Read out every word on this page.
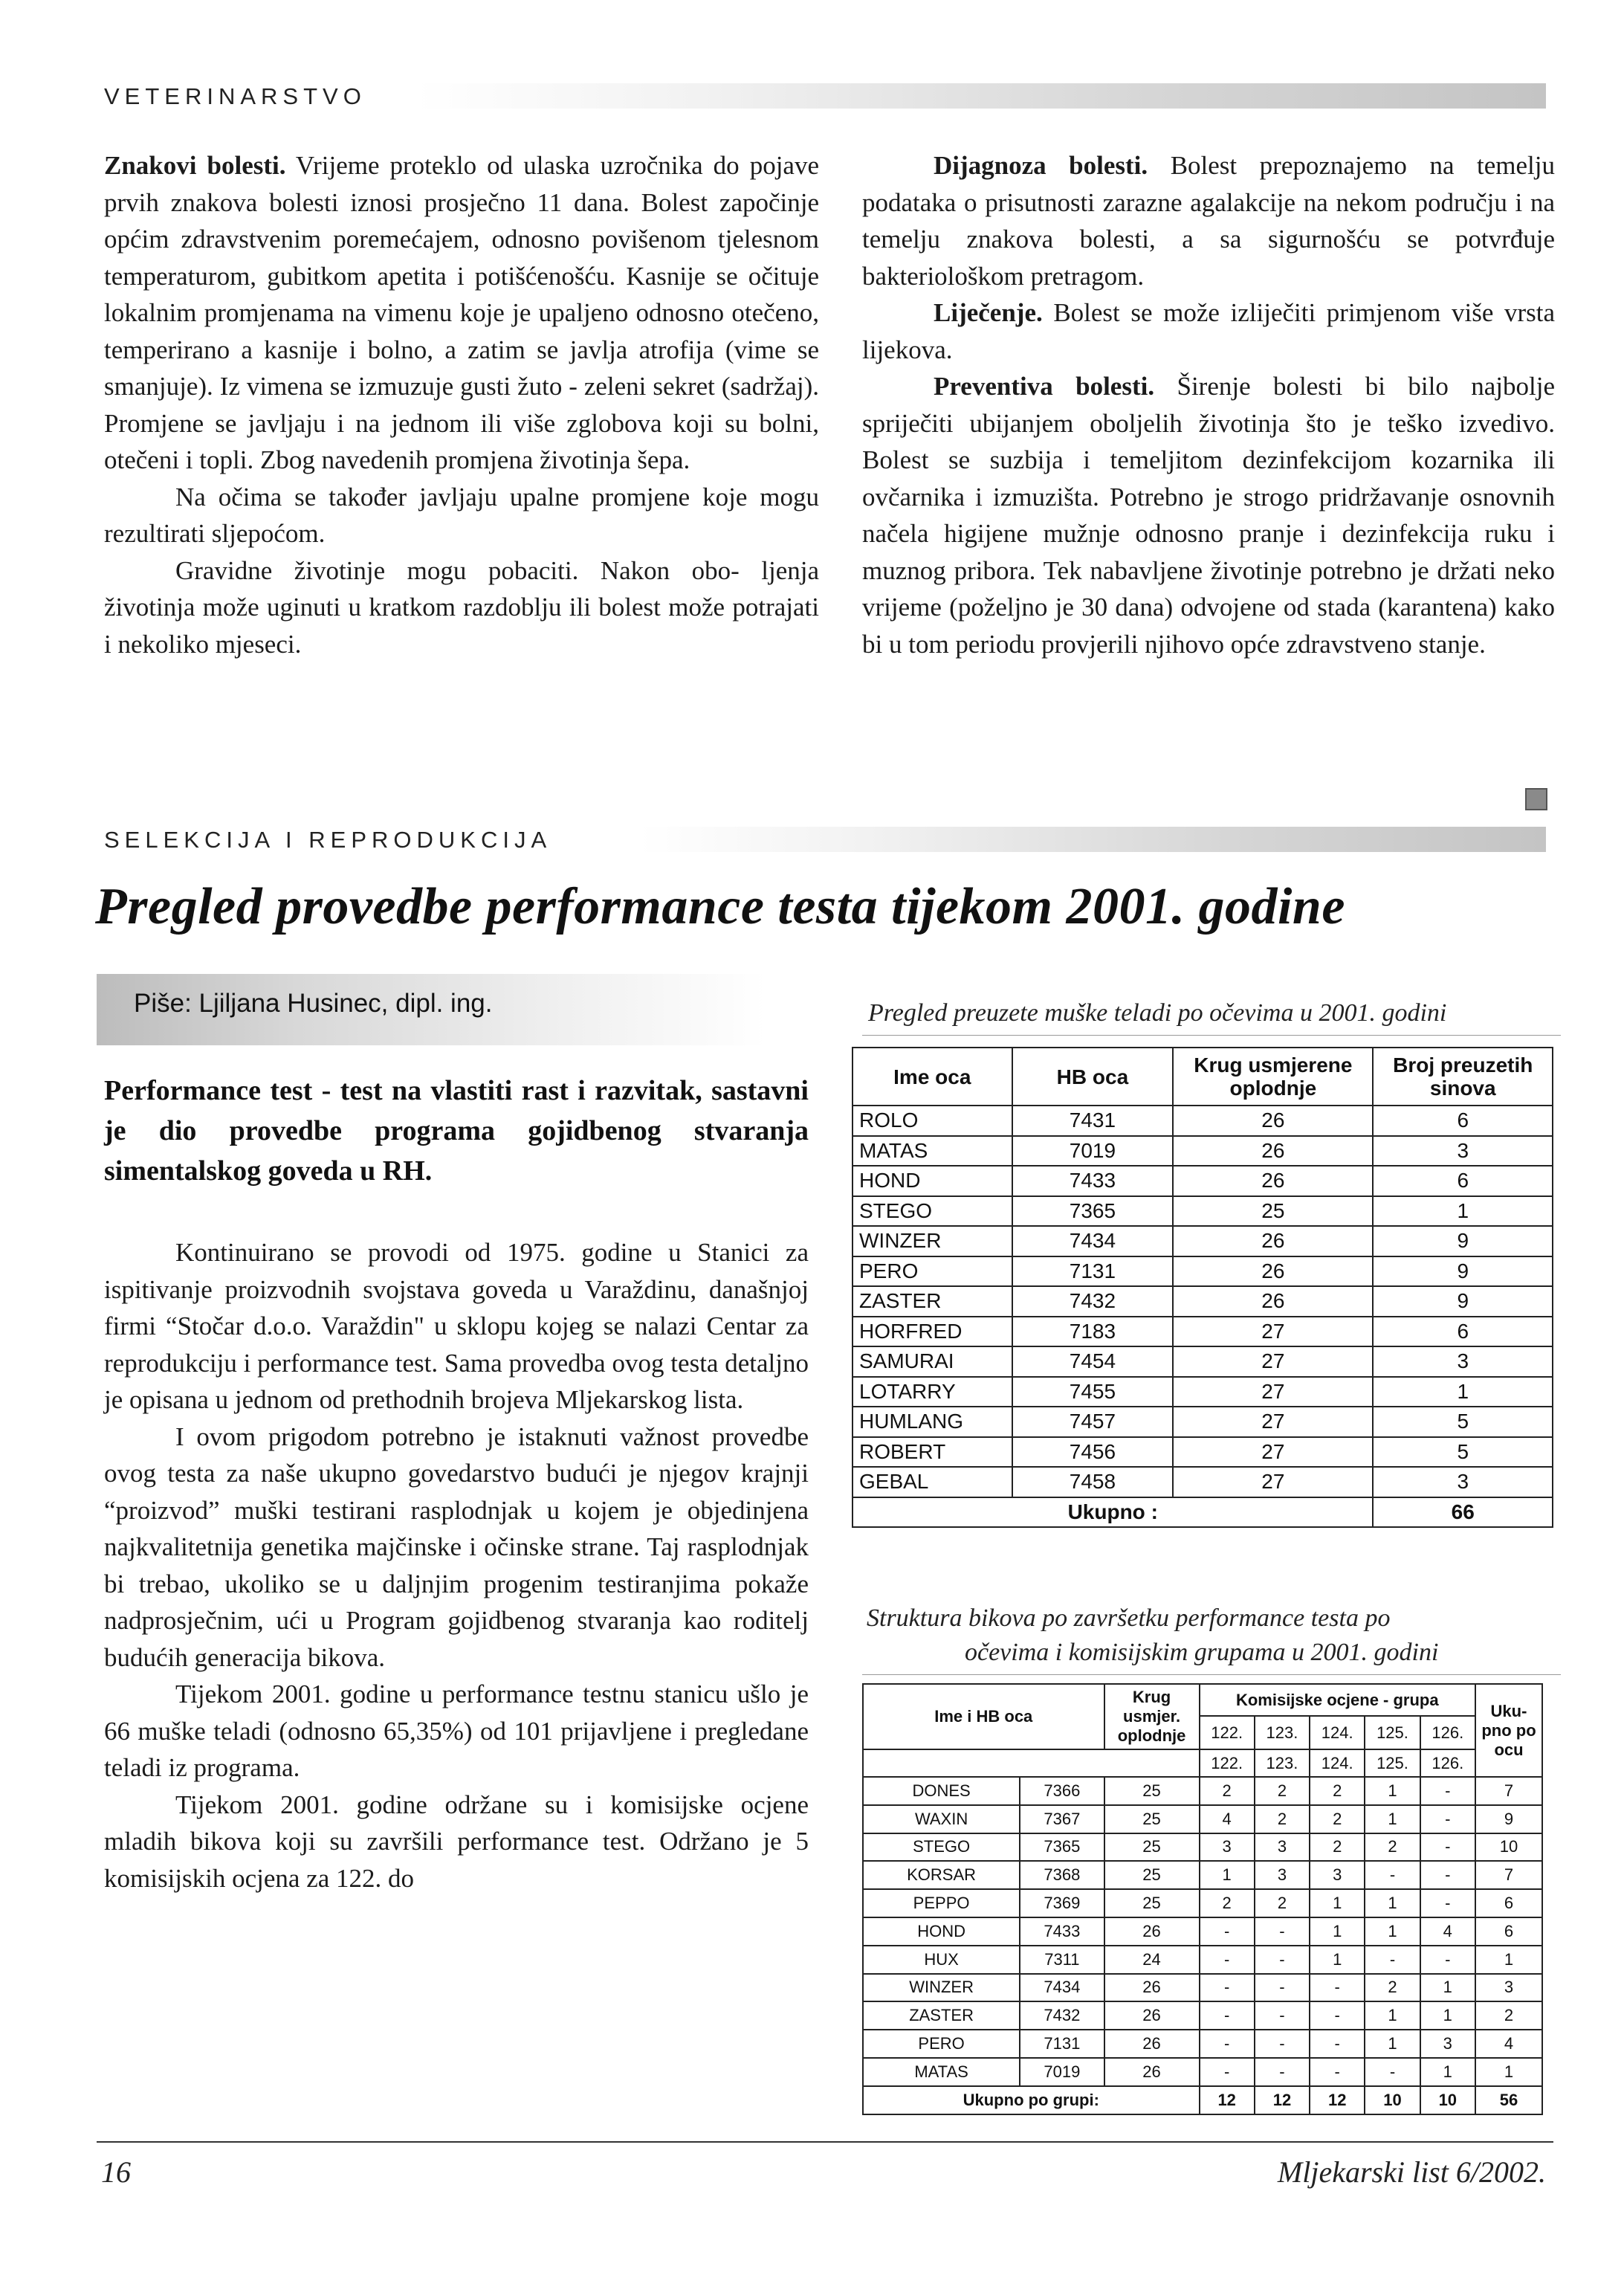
VETERINARSTVO

Znakovi bolesti. Vrijeme proteklo od ulaska uzročnika do pojave prvih znakova bolesti iznosi prosječno 11 dana. Bolest započinje općim zdravstvenim poremećajem, odnosno povišenom tjelesnom temperaturom, gubitkom apetita i potišćenošću. Kasnije se očituje lokalnim promjenama na vimenu koje je upaljeno odnosno otečeno, temperirano a kasnije i bolno, a zatim se javlja atrofija (vime se smanjuje). Iz vimena se izmuzuje gusti žuto - zeleni sekret (sadržaj). Promjene se javljaju i na jednom ili više zglobova koji su bolni, otečeni i topli. Zbog navedenih promjena životinja šepa.

Na očima se također javljaju upalne promjene koje mogu rezultirati sljepoćom.

Gravidne životinje mogu pobaciti. Nakon obo- ljenja životinja može uginuti u kratkom razdoblju ili bolest može potrajati i nekoliko mjeseci.

Dijagnoza bolesti. Bolest prepoznajemo na temelju podataka o prisutnosti zarazne agalakcije na nekom području i na temelju znakova bolesti, a sa sigurnošću se potvrđuje bakteriološkom pretragom.

Liječenje. Bolest se može izliječiti primjenom više vrsta lijekova.

Preventiva bolesti. Širenje bolesti bi bilo najbolje spriječiti ubijanjem oboljelih životinja što je teško izvedivo. Bolest se suzbija i temeljitom dezinfekcijom kozarnika ili ovčarnika i izmuzišta. Potrebno je strogo pridržavanje osnovnih načela higijene mužnje odnosno pranje i dezinfekcija ruku i muznog pribora. Tek nabavljene životinje potrebno je držati neko vrijeme (poželjno je 30 dana) odvojene od stada (karantena) kako bi u tom periodu provjerili njihovo opće zdravstveno stanje.

SELEKCIJA I REPRODUKCIJA
Pregled provedbe performance testa tijekom 2001. godine
Piše: Ljiljana Husinec, dipl. ing.
Performance test - test na vlastiti rast i razvitak, sastavni je dio provedbe programa gojidbenog stvaranja simentalskog goveda u RH.

Kontinuirano se provodi od 1975. godine u Stanici za ispitivanje proizvodnih svojstava goveda u Varaždinu, današnjoj firmi “Stočar d.o.o. Varaždin" u sklopu kojeg se nalazi Centar za reprodukciju i performance test. Sama provedba ovog testa detaljno je opisana u jednom od prethodnih brojeva Mljekarskog lista.

I ovom prigodom potrebno je istaknuti važnost provedbe ovog testa za naše ukupno govedarstvo budući je njegov krajnji “proizvod” muški testirani rasplodnjak u kojem je objedinjena najkvalitetnija genetika majčinske i očinske strane. Taj rasplodnjak bi trebao, ukoliko se u daljnjim progenim testiranjima pokaže nadprosječnim, ući u Program gojidbenog stvaranja kao roditelj budućih generacija bikova.

Tijekom 2001. godine u performance testnu stanicu ušlo je 66 muške teladi (odnosno 65,35%) od 101 prijavljene i pregledane teladi iz programa.

Tijekom 2001. godine održane su i komisijske ocjene mladih bikova koji su završili performance test. Održano je 5 komisijskih ocjena za 122. do

Pregled preuzete muške teladi po očevima u 2001. godini
Ime oca	HB oca	Krug usmjerene oplodnje	Broj preuzetih sinova
ROLO	7431	26	6
MATAS	7019	26	3
HOND	7433	26	6
STEGO	7365	25	1
WINZER	7434	26	9
PERO	7131	26	9
ZASTER	7432	26	9
HORFRED	7183	27	6
SAMURAI	7454	27	3
LOTARRY	7455	27	1
HUMLANG	7457	27	5
ROBERT	7456	27	5
GEBAL	7458	27	3
Ukupno :			66
Struktura bikova po završetku performance testa po
očevima i komisijskim grupama u 2001. godini
Ime i HB oca		Krug usmjer. oplodnje	Komisijske ocjene - grupa					Uku- pno po ocu
			122.	123.	124.	125.	126.	
			122.	123.	124.	125.	126.	
DONES	7366	25	2	2	2	1	-	7
WAXIN	7367	25	4	2	2	1	-	9
STEGO	7365	25	3	3	2	2	-	10
KORSAR	7368	25	1	3	3	-	-	7
PEPPO	7369	25	2	2	1	1	-	6
HOND	7433	26	-	-	1	1	4	6
HUX	7311	24	-	-	1	-	-	1
WINZER	7434	26	-	-	-	2	1	3
ZASTER	7432	26	-	-	-	1	1	2
PERO	7131	26	-	-	-	1	3	4
MATAS	7019	26	-	-	-	-	1	1
Ukupno po grupi:			12	12	12	10	10	56
16	Mljekarski list 6/2002.
